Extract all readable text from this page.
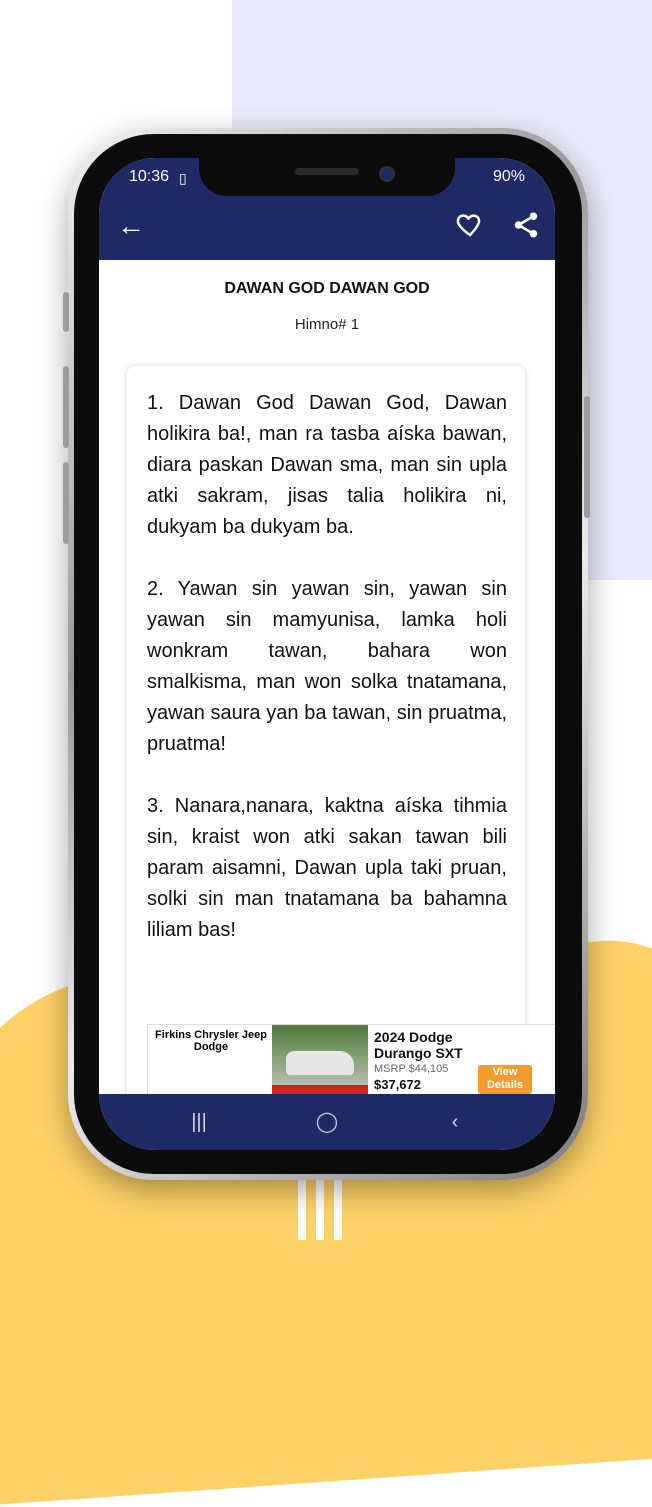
10:36 ▯	90%
←
DAWAN GOD DAWAN GOD
Himno# 1

1. Dawan God Dawan God, Dawan holikira ba!, man ra tasba aíska bawan, diara paskan Dawan sma, man sin upla atki sakram, jisas talia holikira ni, dukyam ba dukyam ba.

2. Yawan sin yawan sin, yawan sin yawan sin mamyunisa, lamka holi wonkram tawan, bahara won smalkisma, man won solka tnatamana, yawan saura yan ba tawan, sin pruatma, pruatma!

3. Nanara,nanara, kaktna aíska tihmia sin, kraist won atki sakan tawan bili param aisamni, Dawan upla taki pruan, solki sin man tnatamana ba bahamna liliam bas!

Firkins Chrysler Jeep Dodge
2024 Dodge Durango SXT
MSRP $44,105
$37,672
View Details
|||	◯	‹
